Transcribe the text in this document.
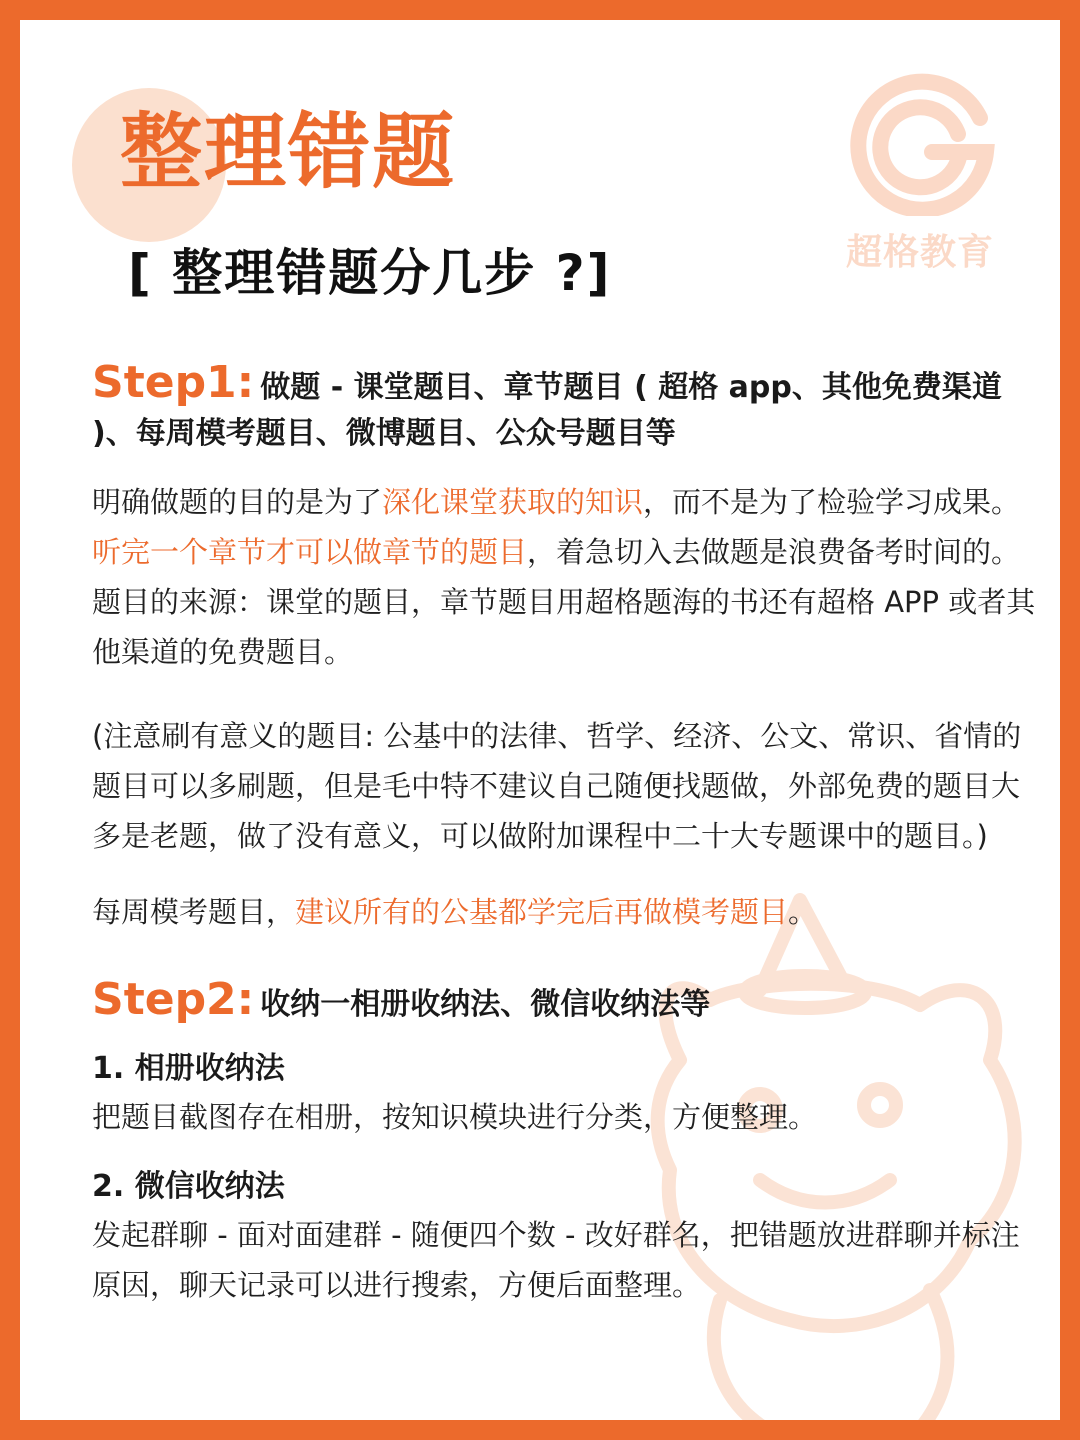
超格教育
整理错题
[ 整理错题分几步 ?]
Step1: 做题 - 课堂题目、章节题目 ( 超格 app、其他免费渠道 )、每周模考题目、微博题目、公众号题目等
明确做题的目的是为了深化课堂获取的知识，而不是为了检验学习成果。听完一个章节才可以做章节的题目，着急切入去做题是浪费备考时间的。题目的来源：课堂的题目，章节题目用超格题海的书还有超格 APP 或者其他渠道的免费题目。
(注意刷有意义的题目: 公基中的法律、哲学、经济、公文、常识、省情的题目可以多刷题，但是毛中特不建议自己随便找题做，外部免费的题目大多是老题，做了没有意义，可以做附加课程中二十大专题课中的题目。)
每周模考题目，建议所有的公基都学完后再做模考题目。
Step2: 收纳一相册收纳法、微信收纳法等
1. 相册收纳法
把题目截图存在相册，按知识模块进行分类，方便整理。
2. 微信收纳法
发起群聊 - 面对面建群 - 随便四个数 - 改好群名，把错题放进群聊并标注原因，聊天记录可以进行搜索，方便后面整理。
